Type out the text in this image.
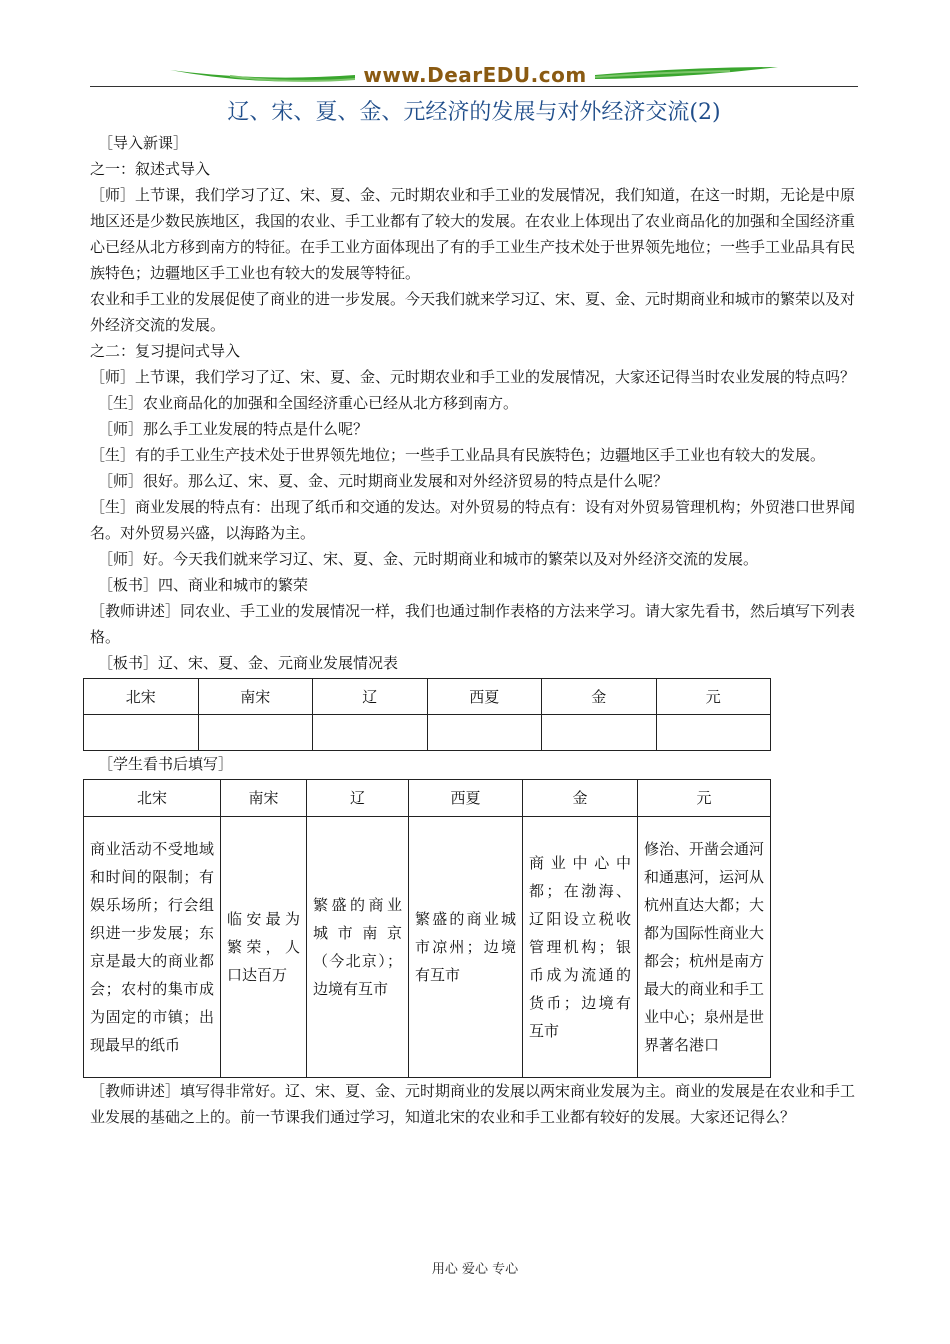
www.DearEDU.com
辽、宋、夏、金、元经济的发展与对外经济交流(2)

［导入新课］

之一：叙述式导入

［师］上节课，我们学习了辽、宋、夏、金、元时期农业和手工业的发展情况，我们知道，在这一时期，无论是中原地区还是少数民族地区，我国的农业、手工业都有了较大的发展。在农业上体现出了农业商品化的加强和全国经济重心已经从北方移到南方的特征。在手工业方面体现出了有的手工业生产技术处于世界领先地位；一些手工业品具有民族特色；边疆地区手工业也有较大的发展等特征。

农业和手工业的发展促使了商业的进一步发展。今天我们就来学习辽、宋、夏、金、元时期商业和城市的繁荣以及对外经济交流的发展。

之二：复习提问式导入

［师］上节课，我们学习了辽、宋、夏、金、元时期农业和手工业的发展情况，大家还记得当时农业发展的特点吗？

［生］农业商品化的加强和全国经济重心已经从北方移到南方。

［师］那么手工业发展的特点是什么呢？

［生］有的手工业生产技术处于世界领先地位；一些手工业品具有民族特色；边疆地区手工业也有较大的发展。

［师］很好。那么辽、宋、夏、金、元时期商业发展和对外经济贸易的特点是什么呢？

［生］商业发展的特点有：出现了纸币和交通的发达。对外贸易的特点有：设有对外贸易管理机构；外贸港口世界闻名。对外贸易兴盛，以海路为主。

［师］好。今天我们就来学习辽、宋、夏、金、元时期商业和城市的繁荣以及对外经济交流的发展。

［板书］四、商业和城市的繁荣

［教师讲述］同农业、手工业的发展情况一样，我们也通过制作表格的方法来学习。请大家先看书，然后填写下列表格。

［板书］辽、宋、夏、金、元商业发展情况表

北宋	南宋	辽	西夏	金	元

［学生看书后填写］

北宋	南宋	辽	西夏	金	元
商业活动不受地域和时间的限制；有娱乐场所；行会组织进一步发展；东京是最大的商业都会；农村的集市成为固定的市镇；出现最早的纸币	临安最为繁荣，人口达百万	繁盛的商业城市南京（今北京）；边境有互市	繁盛的商业城市凉州；边境有互市	商业中心中都；在渤海、辽阳设立税收管理机构；银币成为流通的货币；边境有互市	修治、开凿会通河和通惠河，运河从杭州直达大都；大都为国际性商业大都会；杭州是南方最大的商业和手工业中心；泉州是世界著名港口

［教师讲述］填写得非常好。辽、宋、夏、金、元时期商业的发展以两宋商业发展为主。商业的发展是在农业和手工业发展的基础之上的。前一节课我们通过学习，知道北宋的农业和手工业都有较好的发展。大家还记得么？

用心 爱心 专心
